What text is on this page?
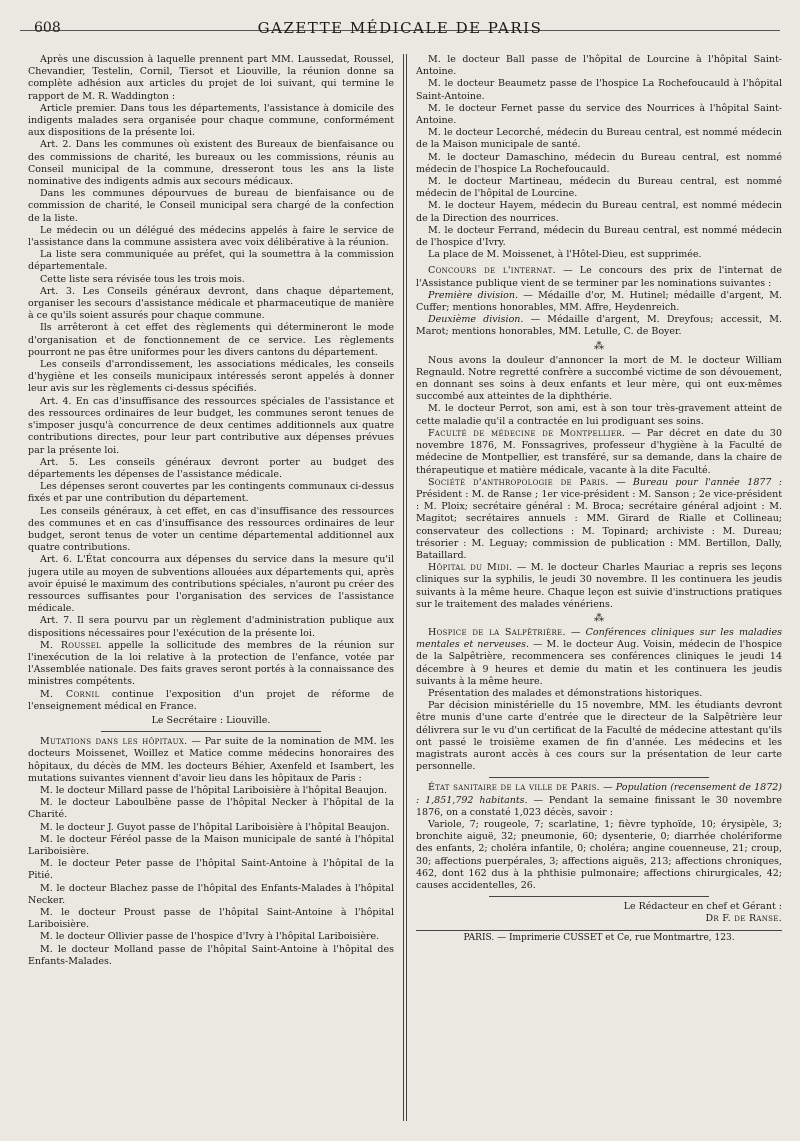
608	GAZETTE MÉDICALE DE PARIS

Après une discussion à laquelle prennent part MM. Laussedat, Roussel, Chevandier, Testelin, Cornil, Tiersot et Liouville, la réunion donne sa complète adhésion aux articles du projet de loi suivant, qui termine le rapport de M. R. Waddington :

Article premier. Dans tous les départements, l'assistance à domicile des indigents malades sera organisée pour chaque commune, conformément aux dispositions de la présente loi.

Art. 2. Dans les communes où existent des Bureaux de bienfaisance ou des commissions de charité, les bureaux ou les commissions, réunis au Conseil municipal de la commune, dresseront tous les ans la liste nominative des indigents admis aux secours médicaux.

Dans les communes dépourvues de bureau de bienfaisance ou de commission de charité, le Conseil municipal sera chargé de la confection de la liste.

Le médecin ou un délégué des médecins appelés à faire le service de l'assistance dans la commune assistera avec voix délibérative à la réunion.

La liste sera communiquée au préfet, qui la soumettra à la commission départementale.

Cette liste sera révisée tous les trois mois.

Art. 3. Les Conseils généraux devront, dans chaque département, organiser les secours d'assistance médicale et pharmaceutique de manière à ce qu'ils soient assurés pour chaque commune.

Ils arrêteront à cet effet des règlements qui détermineront le mode d'organisation et de fonctionnement de ce service. Les règlements pourront ne pas être uniformes pour les divers cantons du département.

Les conseils d'arrondissement, les associations médicales, les conseils d'hygiène et les conseils municipaux intéressés seront appelés à donner leur avis sur les règlements ci-dessus spécifiés.

Art. 4. En cas d'insuffisance des ressources spéciales de l'assistance et des ressources ordinaires de leur budget, les communes seront tenues de s'imposer jusqu'à concurrence de deux centimes additionnels aux quatre contributions directes, pour leur part contributive aux dépenses prévues par la présente loi.

Art. 5. Les conseils généraux devront porter au budget des départements les dépenses de l'assistance médicale.

Les dépenses seront couvertes par les contingents communaux ci-dessus fixés et par une contribution du département.

Les conseils généraux, à cet effet, en cas d'insuffisance des ressources des communes et en cas d'insuffisance des ressources ordinaires de leur budget, seront tenus de voter un centime départemental additionnel aux quatre contributions.

Art. 6. L'État concourra aux dépenses du service dans la mesure qu'il jugera utile au moyen de subventions allouées aux départements qui, après avoir épuisé le maximum des contributions spéciales, n'auront pu créer des ressources suffisantes pour l'organisation des services de l'assistance médicale.

Art. 7. Il sera pourvu par un règlement d'administration publique aux dispositions nécessaires pour l'exécution de la présente loi.

M. Roussel appelle la sollicitude des membres de la réunion sur l'inexécution de la loi relative à la protection de l'enfance, votée par l'Assemblée nationale. Des faits graves seront portés à la connaissance des ministres compétents.

M. Cornil continue l'exposition d'un projet de réforme de l'enseignement médical en France.

Le Secrétaire : Liouville.

Mutations dans les hôpitaux. — Par suite de la nomination de MM. les docteurs Moissenet, Woillez et Matice comme médecins honoraires des hôpitaux, du décès de MM. les docteurs Béhier, Axenfeld et Isambert, les mutations suivantes viennent d'avoir lieu dans les hôpitaux de Paris :

M. le docteur Millard passe de l'hôpital Lariboisière à l'hôpital Beaujon.

M. le docteur Laboulbène passe de l'hôpital Necker à l'hôpital de la Charité.

M. le docteur J. Guyot passe de l'hôpital Lariboisière à l'hôpital Beaujon.

M. le docteur Féréol passe de la Maison municipale de santé à l'hôpital Lariboisière.

M. le docteur Peter passe de l'hôpital Saint-Antoine à l'hôpital de la Pitié.

M. le docteur Blachez passe de l'hôpital des Enfants-Malades à l'hôpital Necker.

M. le docteur Proust passe de l'hôpital Saint-Antoine à l'hôpital Lariboisière.

M. le docteur Ollivier passe de l'hospice d'Ivry à l'hôpital Lariboisière.

M. le docteur Molland passe de l'hôpital Saint-Antoine à l'hôpital des Enfants-Malades.

M. le docteur Ball passe de l'hôpital de Lourcine à l'hôpital Saint-Antoine.

M. le docteur Beaumetz passe de l'hospice La Rochefoucauld à l'hôpital Saint-Antoine.

M. le docteur Fernet passe du service des Nourrices à l'hôpital Saint-Antoine.

M. le docteur Lecorché, médecin du Bureau central, est nommé médecin de la Maison municipale de santé.

M. le docteur Damaschino, médecin du Bureau central, est nommé médecin de l'hospice La Rochefoucauld.

M. le docteur Martineau, médecin du Bureau central, est nommé médecin de l'hôpital de Lourcine.

M. le docteur Hayem, médecin du Bureau central, est nommé médecin de la Direction des nourrices.

M. le docteur Ferrand, médecin du Bureau central, est nommé médecin de l'hospice d'Ivry.

La place de M. Moissenet, à l'Hôtel-Dieu, est supprimée.

Concours de l'internat. — Le concours des prix de l'internat de l'Assistance publique vient de se terminer par les nominations suivantes :

Première division. — Médaille d'or, M. Hutinel; médaille d'argent, M. Cuffer; mentions honorables, MM. Affre, Heydenreich.

Deuxième division. — Médaille d'argent, M. Dreyfous; accessit, M. Marot; mentions honorables, MM. Letulle, C. de Boyer.

⁂

Nous avons la douleur d'annoncer la mort de M. le docteur William Regnauld. Notre regretté confrère a succombé victime de son dévouement, en donnant ses soins à deux enfants et leur mère, qui ont eux-mêmes succombé aux atteintes de la diphthérie.

M. le docteur Perrot, son ami, est à son tour très-gravement atteint de cette maladie qu'il a contractée en lui prodiguant ses soins.

Faculté de médecine de Montpellier. — Par décret en date du 30 novembre 1876, M. Fonssagrives, professeur d'hygiène à la Faculté de médecine de Montpellier, est transféré, sur sa demande, dans la chaire de thérapeutique et matière médicale, vacante à la dite Faculté.

Société d'anthropologie de Paris. — Bureau pour l'année 1877 : Président : M. de Ranse ; 1er vice-président : M. Sanson ; 2e vice-président : M. Ploix; secrétaire général : M. Broca; secrétaire général adjoint : M. Magitot; secrétaires annuels : MM. Girard de Rialle et Collineau; conservateur des collections : M. Topinard; archiviste : M. Dureau; trésorier : M. Leguay; commission de publication : MM. Bertillon, Dally, Bataillard.

Hôpital du Midi. — M. le docteur Charles Mauriac a repris ses leçons cliniques sur la syphilis, le jeudi 30 novembre. Il les continuera les jeudis suivants à la même heure. Chaque leçon est suivie d'instructions pratiques sur le traitement des malades vénériens.

⁂

Hospice de la Salpêtrière. — Conférences cliniques sur les maladies mentales et nerveuses. — M. le docteur Aug. Voisin, médecin de l'hospice de la Salpêtrière, recommencera ses conférences cliniques le jeudi 14 décembre à 9 heures et demie du matin et les continuera les jeudis suivants à la même heure.

Présentation des malades et démonstrations historiques.

Par décision ministérielle du 15 novembre, MM. les étudiants devront être munis d'une carte d'entrée que le directeur de la Salpêtrière leur délivrera sur le vu d'un certificat de la Faculté de médecine attestant qu'ils ont passé le troisième examen de fin d'année. Les médecins et les magistrats auront accès à ces cours sur la présentation de leur carte personnelle.

État sanitaire de la ville de Paris. — Population (recensement de 1872) : 1,851,792 habitants. — Pendant la semaine finissant le 30 novembre 1876, on a constaté 1,023 décès, savoir :

Variole, 7; rougeole, 7; scarlatine, 1; fièvre typhoïde, 10; érysipèle, 3; bronchite aiguë, 32; pneumonie, 60; dysenterie, 0; diarrhée cholériforme des enfants, 2; choléra infantile, 0; choléra; angine couenneuse, 21; croup, 30; affections puerpérales, 3; affections aiguës, 213; affections chroniques, 462, dont 162 dus à la phthisie pulmonaire; affections chirurgicales, 42; causes accidentelles, 26.

Le Rédacteur en chef et Gérant :

Dr F. de Ranse.

PARIS. — Imprimerie CUSSET et Ce, rue Montmartre, 123.
